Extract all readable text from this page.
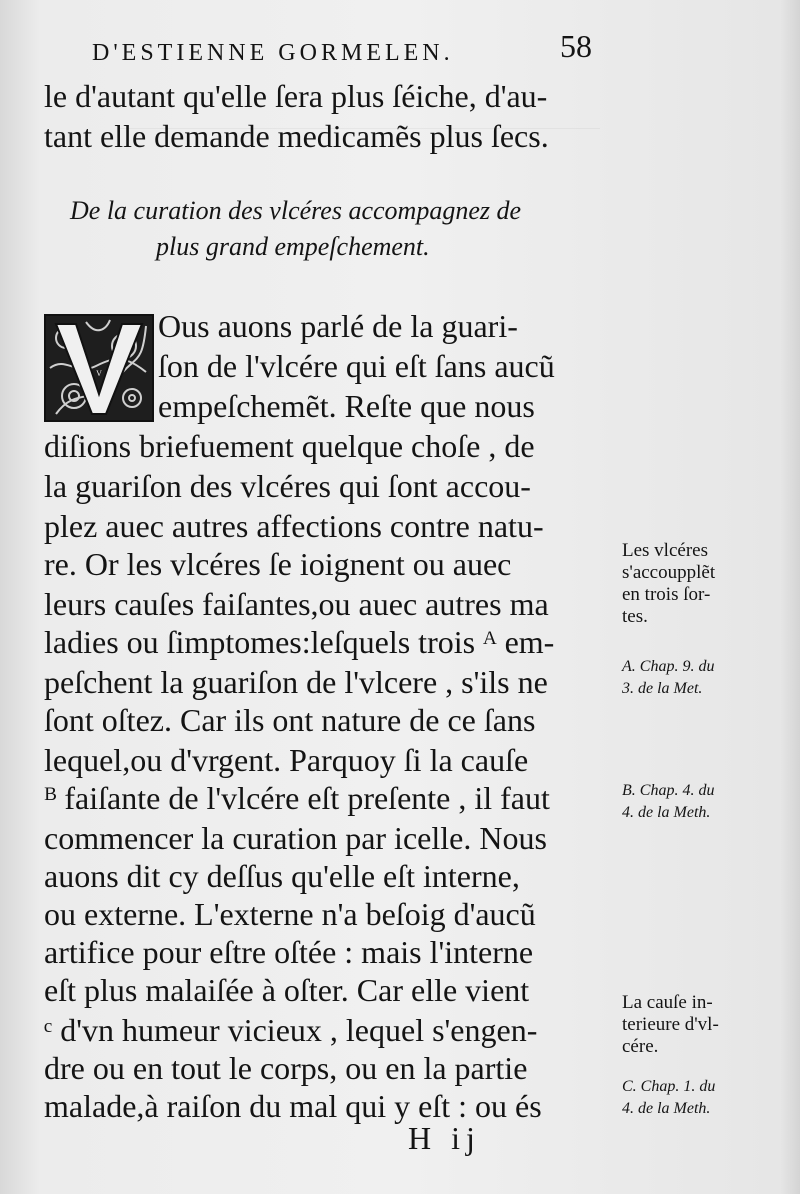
D'ESTIENNE GORMELEN.	58
le d'autant qu'elle ſera plus ſéiche, d'au-
tant elle demande medicamẽs plus ſecs.
De la curation des vlcéres accompagnez de
plus grand empeſchement.
V
Ous auons parlé de la guari-
ſon de l'vlcére qui eſt ſans aucũ
empeſchemẽt. Reſte que nous
diſions briefuement quelque choſe , de
la guariſon des vlcéres qui ſont accou-
plez auec autres affections contre natu-
re. Or les vlcéres ſe ioignent ou auec
leurs cauſes faiſantes,ou auec autres ma
ladies ou ſimptomes:leſquels trois ᴬ em-
peſchent la guariſon de l'vlcere , s'ils ne
ſont oſtez. Car ils ont nature de ce ſans
lequel,ou d'vrgent. Parquoy ſi la cauſe
ᴮ faiſante de l'vlcére eſt preſente , il faut
commencer la curation par icelle. Nous
auons dit cy deſſus qu'elle eſt interne,
ou externe. L'externe n'a beſoig d'aucũ
artifice pour eſtre oſtée : mais l'interne
eſt plus malaiſée à oſter. Car elle vient
ᶜ d'vn humeur vicieux , lequel s'engen-
dre ou en tout le corps, ou en la partie
malade,à raiſon du mal qui y eſt : ou és
Les vlcéres
s'accoupplẽt
en trois ſor-
tes.
A. Chap. 9. du
3. de la Met.
B. Chap. 4. du
4. de la Meth.
La cauſe in-
terieure d'vl-
cére.
C. Chap. 1. du
4. de la Meth.
H ij
